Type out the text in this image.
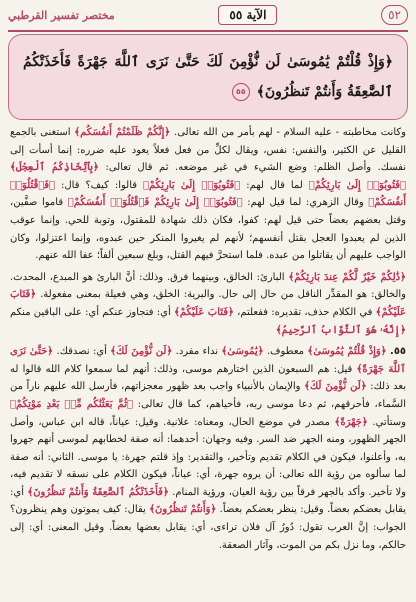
٥٢
الآية ٥٥
مختصر تفسير القرطبي
﴿وَإِذْ قُلْتُمْ يَٰمُوسَىٰ لَن نُّؤْمِنَ لَكَ حَتَّىٰ نَرَى ٱللَّهَ جَهْرَةً فَأَخَذَتْكُمُ ٱلصَّٰعِقَةُ وَأَنتُمْ تَنظُرُونَ﴾ ٥٥

وكانت مخاطبته - عليه السلام - لهم بأمر من الله تعالى. ﴿إِنَّكُمْ ظَلَمْتُمْ أَنفُسَكُم﴾ استغنى بالجمع القليل عن الكثير، والنفس: نفس، ويقال لكلِّ من فعل فعلاً يعود عليه ضرره: إنما أسأت إلى نفسك. وأصل الظلم: وضع الشيء في غير موضعه. ثم قال تعالى: ﴿بِٱتِّخَاذِكُمُ ٱلْعِجْلَ﴾ ﴿فَتُوبُوٓا۟ إِلَىٰ بَارِئِكُمْ﴾ لما قال لهم: ﴿فَتُوبُوٓا۟ إِلَىٰ بَارِئِكُمْ﴾ قالوا: كيف؟ قال: ﴿فَٱقْتُلُوٓا۟ أَنفُسَكُمْ﴾ وقال الزهري: لما قيل لهم: ﴿فَتُوبُوٓا۟ إِلَىٰ بَارِئِكُمْ فَٱقْتُلُوٓا۟ أَنفُسَكُمْ﴾ قاموا صفَّين، وقتل بعضهم بعضاً حتى قيل لهم: كفوا، فكان ذلك شهادة للمقتول، وتوبة للحي. وإنما عوقب الذين لم يعبدوا العجل بقتل أنفسهم؛ لأنهم لم يغيروا المنكر حين عبدوه، وإنما اعتزلوا، وكان الواجب عليهم أن يقاتلوا من عبده. فلما استحرَّ فيهم القتل، وبلغ سبعين ألفاً؛ عفا الله عنهم.

﴿ذَٰلِكُمْ خَيْرٌ لَّكُمْ عِندَ بَارِئِكُمْ﴾ البارئ: الخالق، وبينهما فرق. وذلك: أنَّ البارئ هو المبدع، المحدث. والخالق: هو المقدِّر الناقل من حال إلى حال. والبرية: الخلق، وهي فعيلة بمعنى مفعولة. ﴿فَتَابَ عَلَيْكُمْ﴾ في الكلام حذف، تقديره: ففعلتم، ﴿فَتَابَ عَلَيْكُمْ﴾ أي: فتجاوز عنكم أي: على الباقين منكم ﴿إِنَّهُۥ هُوَ ٱلتَّوَّابُ ٱلرَّحِيمُ﴾

٥٥. ﴿وَإِذْ قُلْتُمْ يَٰمُوسَىٰ﴾ معطوف. ﴿يَٰمُوسَىٰ﴾ نداء مفرد. ﴿لَن نُّؤْمِنَ لَكَ﴾ أي: نصدقك. ﴿حَتَّىٰ نَرَى ٱللَّهَ جَهْرَةً﴾ قيل: هم السبعون الذين اختارهم موسى، وذلك: أنهم لما سمعوا كلام الله قالوا له بعد ذلك: ﴿لَن نُّؤْمِنَ لَكَ﴾ والإيمان بالأنبياء واجب بعد ظهور معجزاتهم، فأرسل الله عليهم ناراً من السَّماء، فأحرقهم، ثم دعا موسى ربه، فأحياهم، كما قال تعالى: ﴿ثُمَّ بَعَثْنَٰكُم مِّنۢ بَعْدِ مَوْتِكُمْ﴾ وستأتي. ﴿جَهْرَةً﴾ مصدر في موضع الحال، ومعناه: علانية. وقيل: عياناً، قاله ابن عباس، وأصل الجهر الظهور، ومنه الجهر ضد السر. وفيه وجهان: أحدهما: أنه صفة لخطابهم لموسى أنهم جهروا به، وأعلنوا، فيكون في الكلام تقديم وتأخير، والتقدير: وإذ قلتم جهرة: يا موسى. الثاني: أنه صفة لما سألوه من رؤية الله تعالى: أن يروه جهرة، أي: عياناً، فيكون الكلام على نسقه لا تقديم فيه، ولا تأخير. وأكد بالجهر فرقاً بين رؤية العيان، ورؤية المنام. ﴿فَأَخَذَتْكُمُ ٱلصَّٰعِقَةُ وَأَنتُمْ تَنظُرُونَ﴾ أي: يقابل بعضكم بعضاً. وقيل: ينظر بعضكم بعضاً. ﴿وَأَنتُمْ تَنظُرُونَ﴾ يقال: كيف يموتون وهم ينظرون؟ الجواب: إنَّ العرب تقول: دُورُ آل فلان تراءى، أي: يقابل بعضها بعضاً. وقيل المعنى: أي: إلى حالكم، وما نزل بكم من الموت، وآثار الصعقة.
